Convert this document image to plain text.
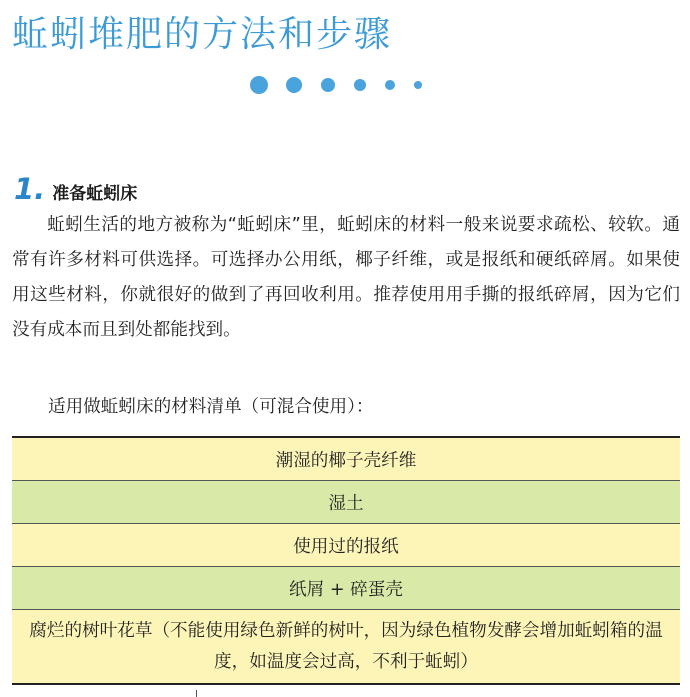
蚯蚓堆肥的方法和步骤
1. 准备蚯蚓床
蚯蚓生活的地方被称为“蚯蚓床”里，蚯蚓床的材料一般来说要求疏松、较软。通常有许多材料可供选择。可选择办公用纸，椰子纤维，或是报纸和硬纸碎屑。如果使用这些材料，你就很好的做到了再回收利用。推荐使用用手撕的报纸碎屑，因为它们没有成本而且到处都能找到。
适用做蚯蚓床的材料清单（可混合使用）：
潮湿的椰子壳纤维
湿土
使用过的报纸
纸屑 + 碎蛋壳
腐烂的树叶花草（不能使用绿色新鲜的树叶，因为绿色植物发酵会增加蚯蚓箱的温度，如温度会过高，不利于蚯蚓）
